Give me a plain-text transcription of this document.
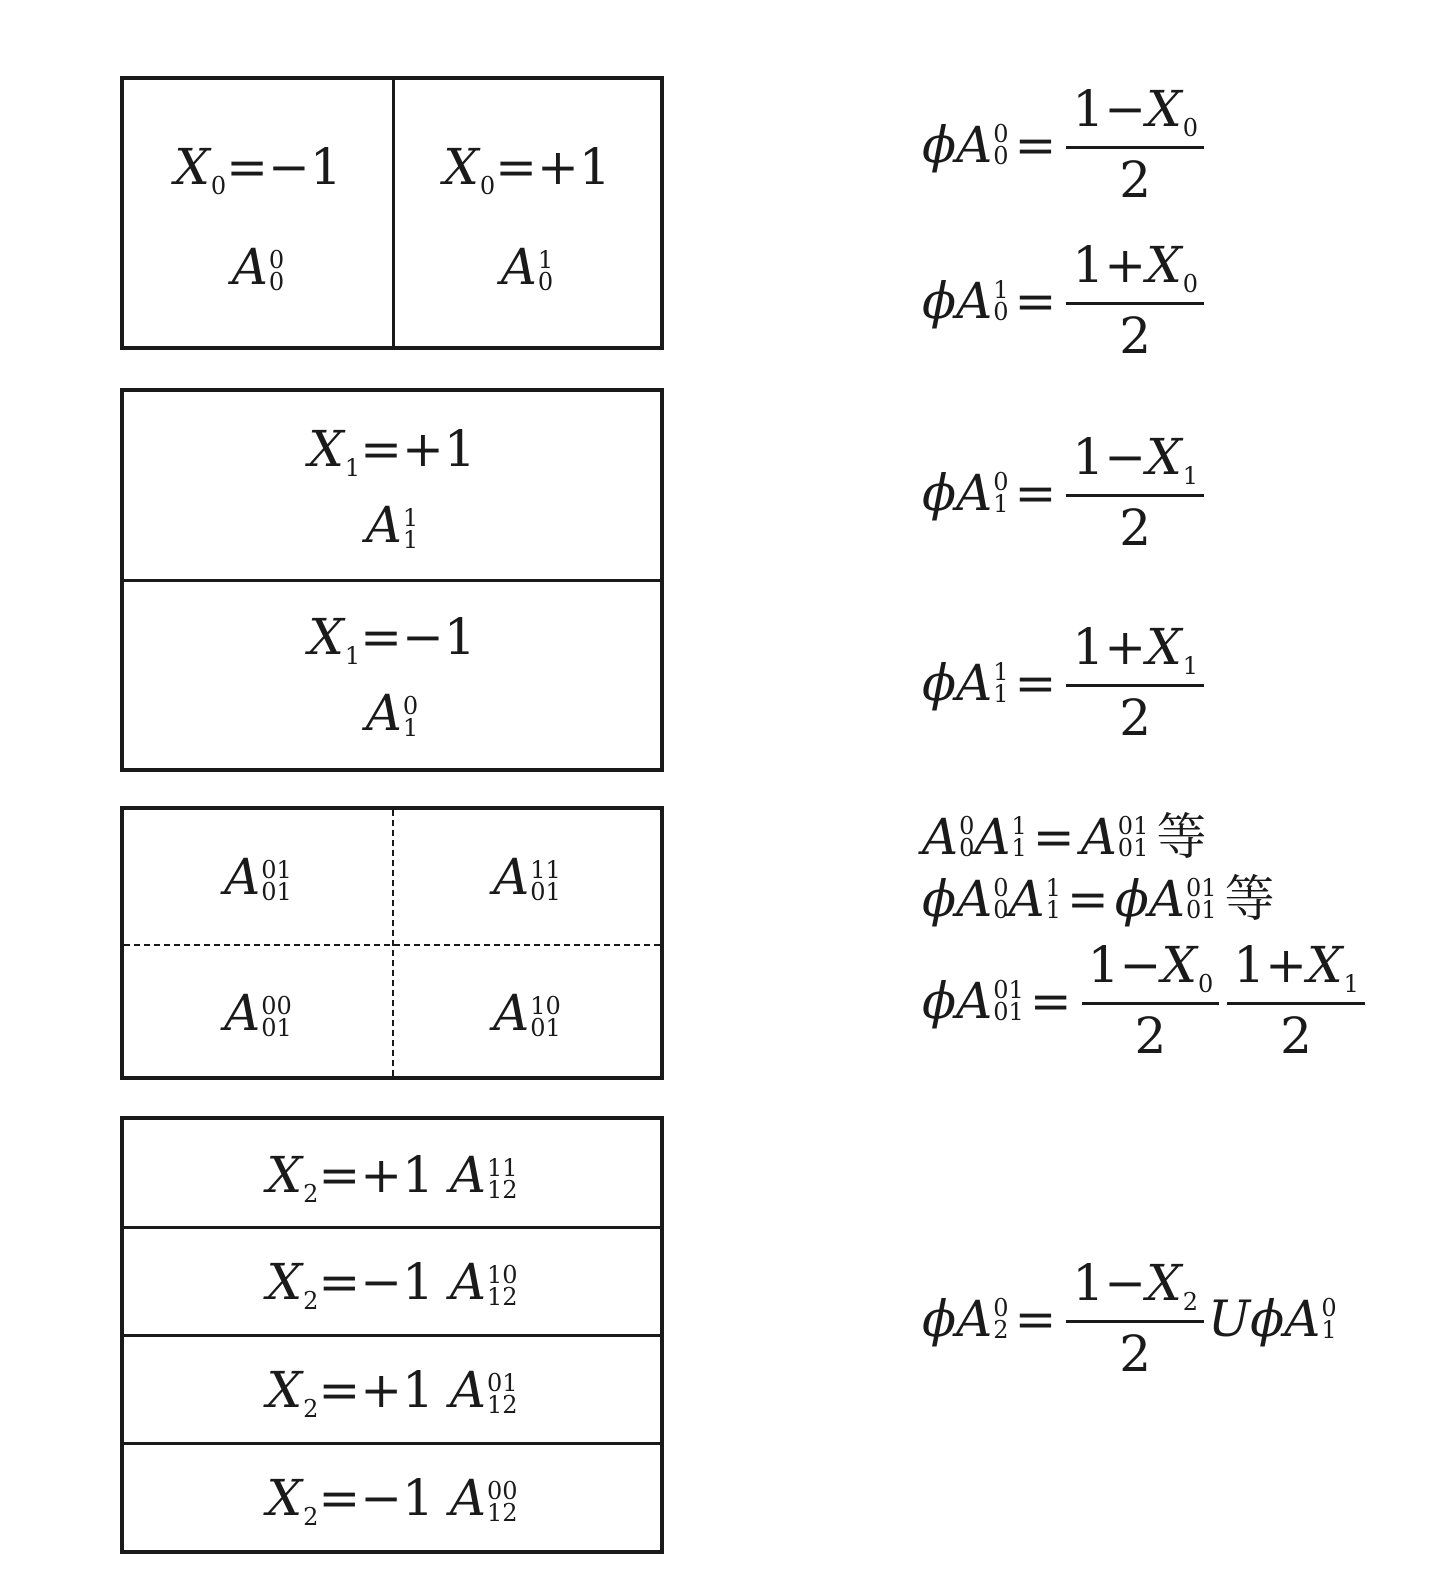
$X_0=-1$
A 0
0
$X_0=+1$
A 1
0
$X_1=+1$
A 1
1
$X_1=-1$
A 0
1
A 01
01	A 11
01
A 00
01	A 10
01
$X_2=+1$ A 11
12
$X_2=-1$ A 10
12
$X_2=+1$ A 01
12
$X_2=-1$ A 00
12
ϕ A 0
$0 = \frac{1-X_0}{2}$
ϕ A 1
$0 = \frac{1+X_0}{2}$
ϕ A 0
$1 = \frac{1-X_1}{2}$
ϕ A 1
$1 = \frac{1+X_1}{2}$
A 0
0 A 1
1 = A 01
01 等
ϕ A 0
0 A 1
1 = ϕ A 01
01 等
ϕ A 01
$01 = \frac{1-X_0}{2} \frac{1+X_1}{2}$
ϕ A 0
$2 = \frac{1-X_2}{2}$ U ϕ A 0
1
